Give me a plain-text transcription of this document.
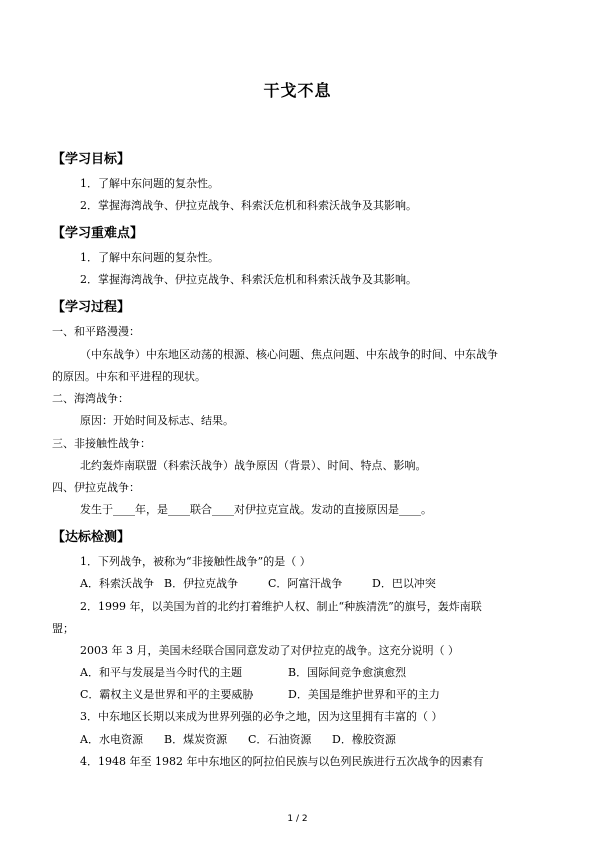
干戈不息
【学习目标】
1．了解中东问题的复杂性。
2．掌握海湾战争、伊拉克战争、科索沃危机和科索沃战争及其影响。
【学习重难点】
1．了解中东问题的复杂性。
2．掌握海湾战争、伊拉克战争、科索沃危机和科索沃战争及其影响。
【学习过程】
一、和平路漫漫：
（中东战争）中东地区动荡的根源、核心问题、焦点问题、中东战争的时间、中东战争
的原因。中东和平进程的现状。
二、海湾战争：
原因：开始时间及标志、结果。
三、非接触性战争：
北约轰炸南联盟（科索沃战争）战争原因（背景）、时间、特点、影响。
四、伊拉克战争：
发生于____年，是____联合____对伊拉克宣战。发动的直接原因是____。
【达标检测】
1．下列战争，被称为“非接触性战争”的是（ ）
A．科索沃战争 B．伊拉克战争	C．阿富汗战争	D．巴以冲突
2．1999 年，以美国为首的北约打着维护人权、制止“种族清洗”的旗号，轰炸南联
盟；
2003 年 3 月，美国未经联合国同意发动了对伊拉克的战争。这充分说明（ ）
A．和平与发展是当今时代的主题	B．国际间竞争愈演愈烈
C．霸权主义是世界和平的主要威胁	D．美国是维护世界和平的主力
3．中东地区长期以来成为世界列强的必争之地，因为这里拥有丰富的（ ）
A．水电资源 B．煤炭资源 C．石油资源 D．橡胶资源
4．1948 年至 1982 年中东地区的阿拉伯民族与以色列民族进行五次战争的因素有
1 / 2
